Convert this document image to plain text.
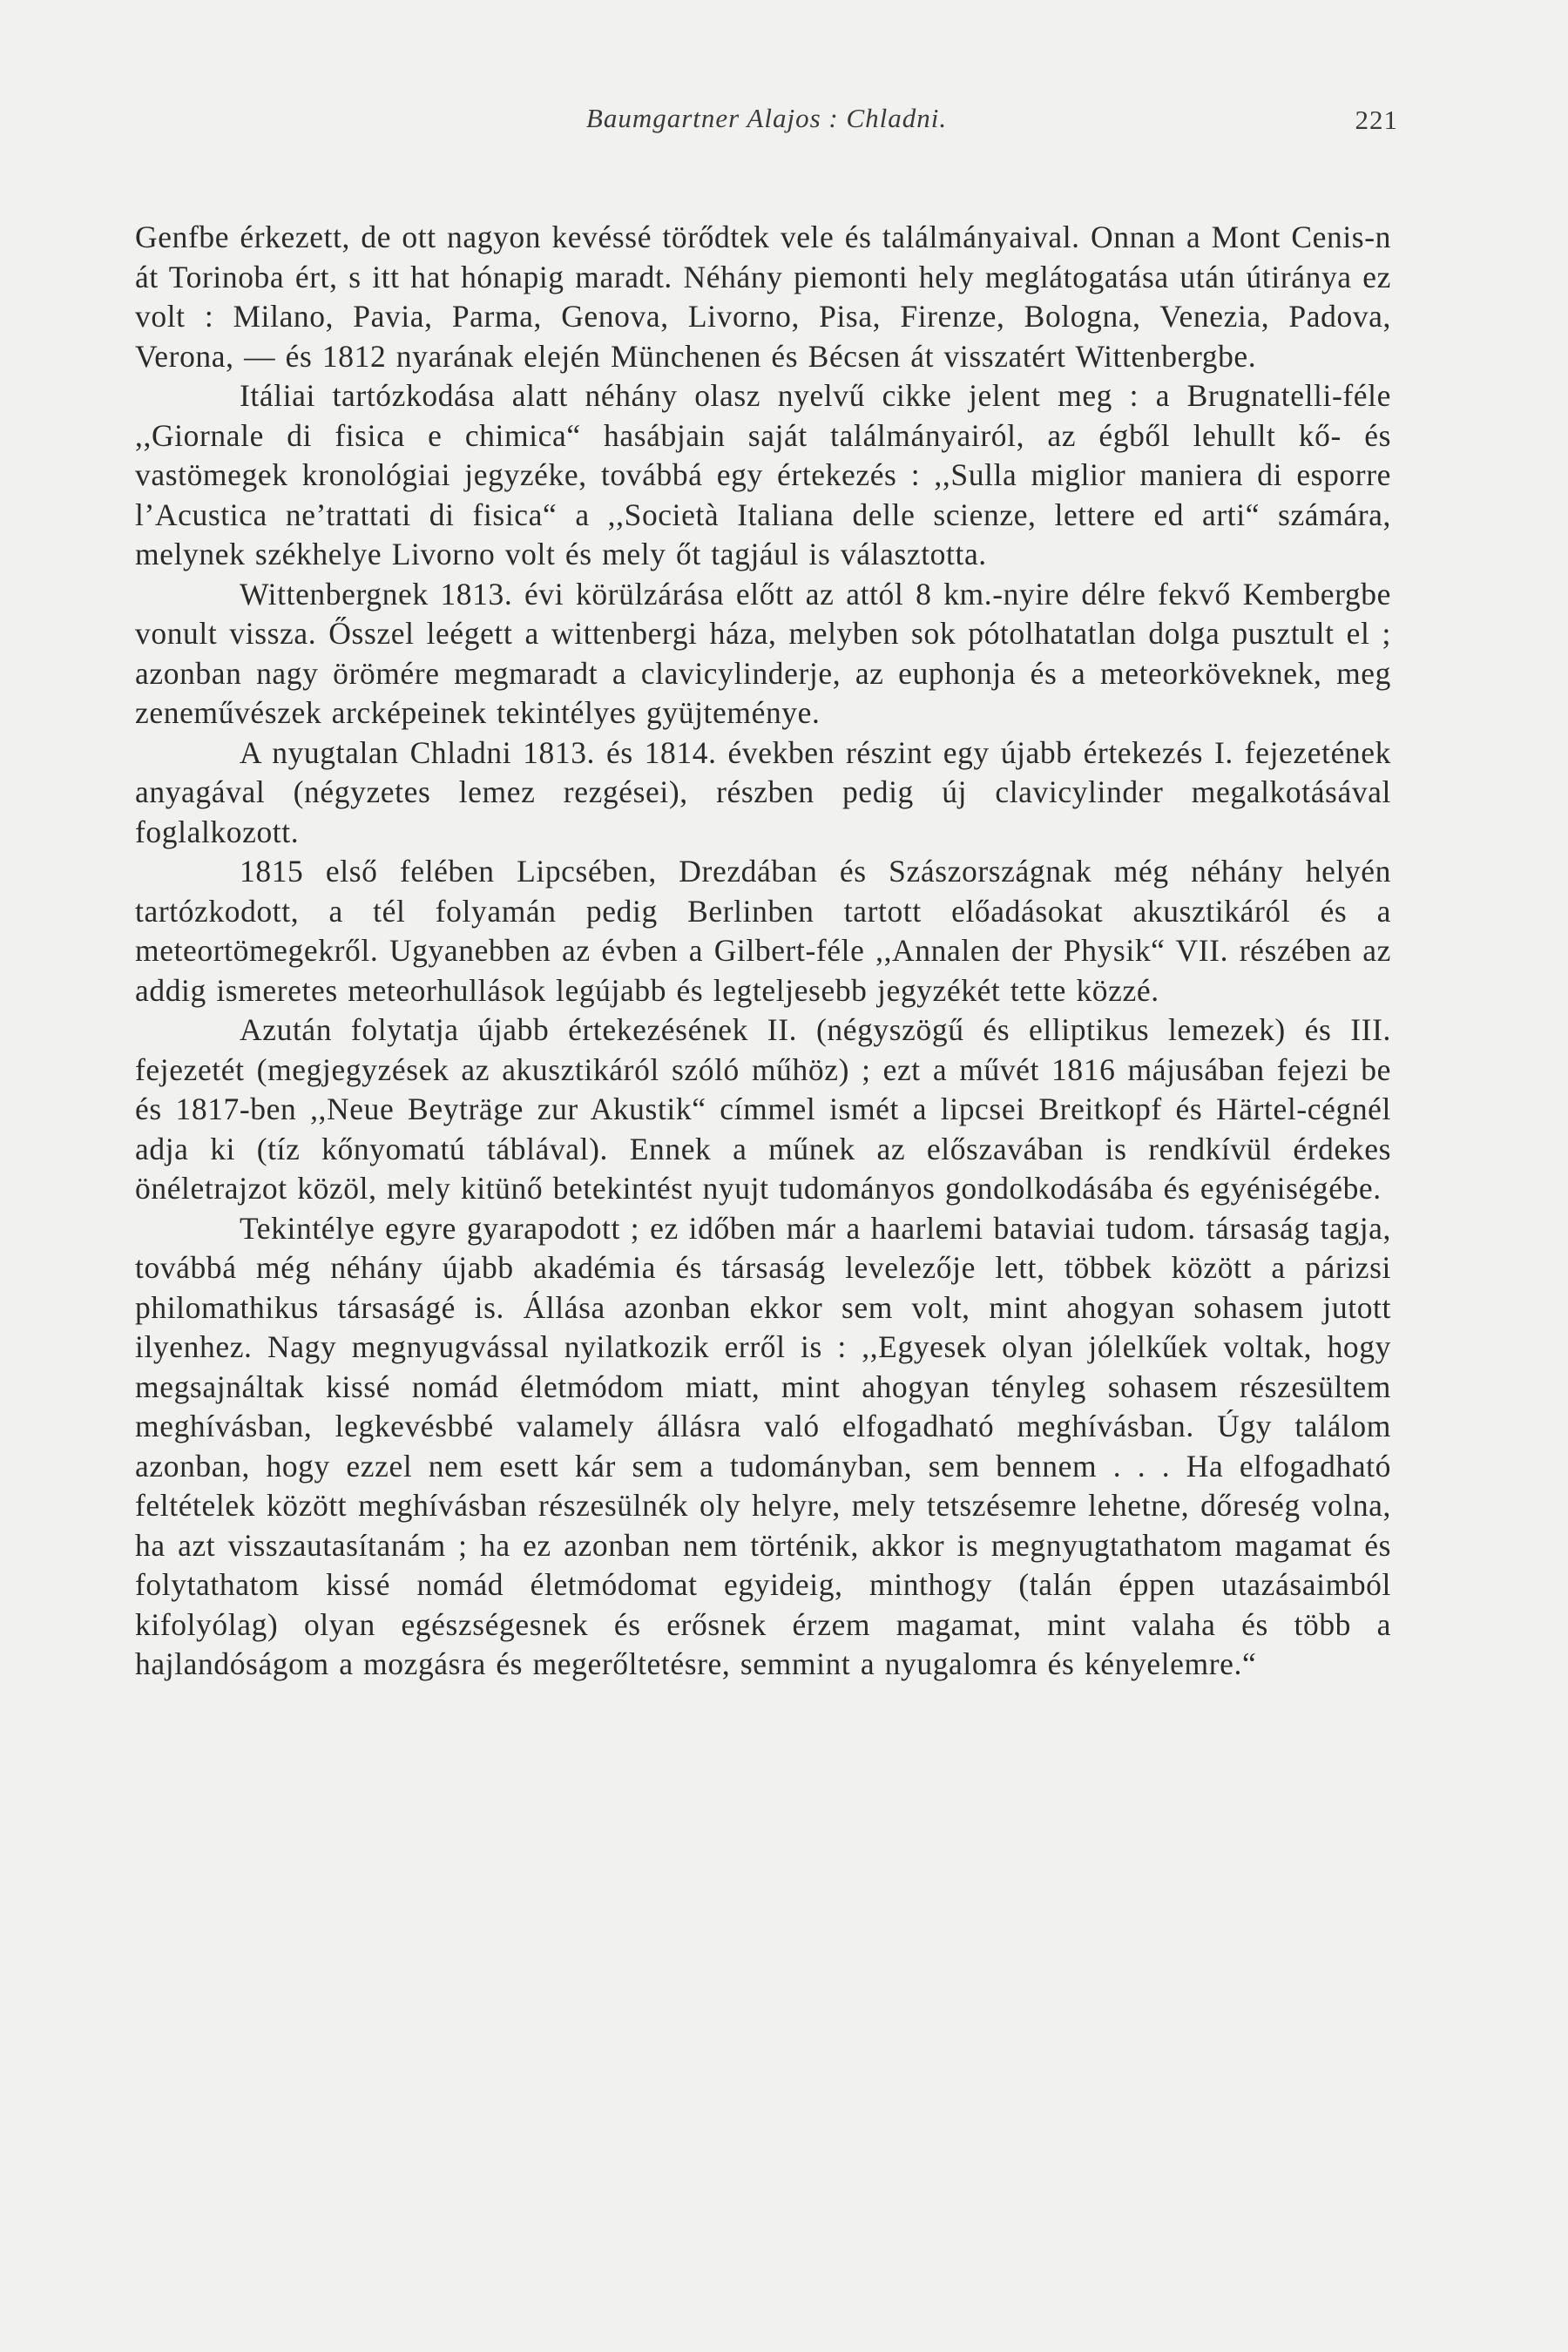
Baumgartner Alajos : Chladni.	221

Genfbe érkezett, de ott nagyon kevéssé törődtek vele és találmányaival. Onnan a Mont Cenis-n át Torinoba ért, s itt hat hónapig maradt. Néhány piemonti hely meglátogatása után útiránya ez volt : Milano, Pavia, Parma, Genova, Livorno, Pisa, Firenze, Bologna, Venezia, Padova, Verona, — és 1812 nyarának elején Münchenen és Bécsen át visszatért Wittenbergbe.

Itáliai tartózkodása alatt néhány olasz nyelvű cikke jelent meg : a Brugnatelli-féle ,,Giornale di fisica e chimica“ hasábjain saját találmányairól, az égből lehullt kő- és vastömegek kronológiai jegyzéke, továbbá egy értekezés : ,,Sulla miglior maniera di esporre l’Acustica ne’trattati di fisica“ a ,,Società Italiana delle scienze, lettere ed arti“ számára, melynek székhelye Livorno volt és mely őt tagjául is választotta.

Wittenbergnek 1813. évi körülzárása előtt az attól 8 km.-nyire délre fekvő Kembergbe vonult vissza. Ősszel leégett a wittenbergi háza, melyben sok pótolhatatlan dolga pusztult el ; azonban nagy örömére megmaradt a clavicylinderje, az euphonja és a meteorköveknek, meg zeneművészek arcképeinek tekintélyes gyüjteménye.

A nyugtalan Chladni 1813. és 1814. években részint egy újabb értekezés I. fejezetének anyagával (négyzetes lemez rezgései), részben pedig új clavicylinder megalkotásával foglalkozott.

1815 első felében Lipcsében, Drezdában és Szászországnak még néhány helyén tartózkodott, a tél folyamán pedig Berlinben tartott előadásokat akusztikáról és a meteortömegekről. Ugyanebben az évben a Gilbert-féle ,,Annalen der Physik“ VII. részében az addig ismeretes meteorhullások legújabb és legteljesebb jegyzékét tette közzé.

Azután folytatja újabb értekezésének II. (négyszögű és elliptikus lemezek) és III. fejezetét (megjegyzések az akusztikáról szóló műhöz) ; ezt a művét 1816 májusában fejezi be és 1817-ben ,,Neue Beyträge zur Akustik“ címmel ismét a lipcsei Breitkopf és Härtel-cégnél adja ki (tíz kőnyomatú táblával). Ennek a műnek az előszavában is rendkívül érdekes önéletrajzot közöl, mely kitünő betekintést nyujt tudományos gondolkodásába és egyéniségébe.

Tekintélye egyre gyarapodott ; ez időben már a haarlemi bataviai tudom. társaság tagja, továbbá még néhány újabb akadémia és társaság levelezője lett, többek között a párizsi philomathikus társaságé is. Állása azonban ekkor sem volt, mint ahogyan sohasem jutott ilyenhez. Nagy megnyugvással nyilatkozik erről is : ,,Egyesek olyan jólelkűek voltak, hogy megsajnáltak kissé nomád életmódom miatt, mint ahogyan tényleg sohasem részesültem meghívásban, legkevésbbé valamely állásra való elfogadható meghívásban. Úgy találom azonban, hogy ezzel nem esett kár sem a tudományban, sem bennem . . . Ha elfogadható feltételek között meghívásban részesülnék oly helyre, mely tetszésemre lehetne, dőreség volna, ha azt visszautasítanám ; ha ez azonban nem történik, akkor is megnyugtathatom magamat és folytathatom kissé nomád életmódomat egyideig, minthogy (talán éppen utazásaimból kifolyólag) olyan egészségesnek és erősnek érzem magamat, mint valaha és több a hajlandóságom a mozgásra és megerőltetésre, semmint a nyugalomra és kényelemre.“
